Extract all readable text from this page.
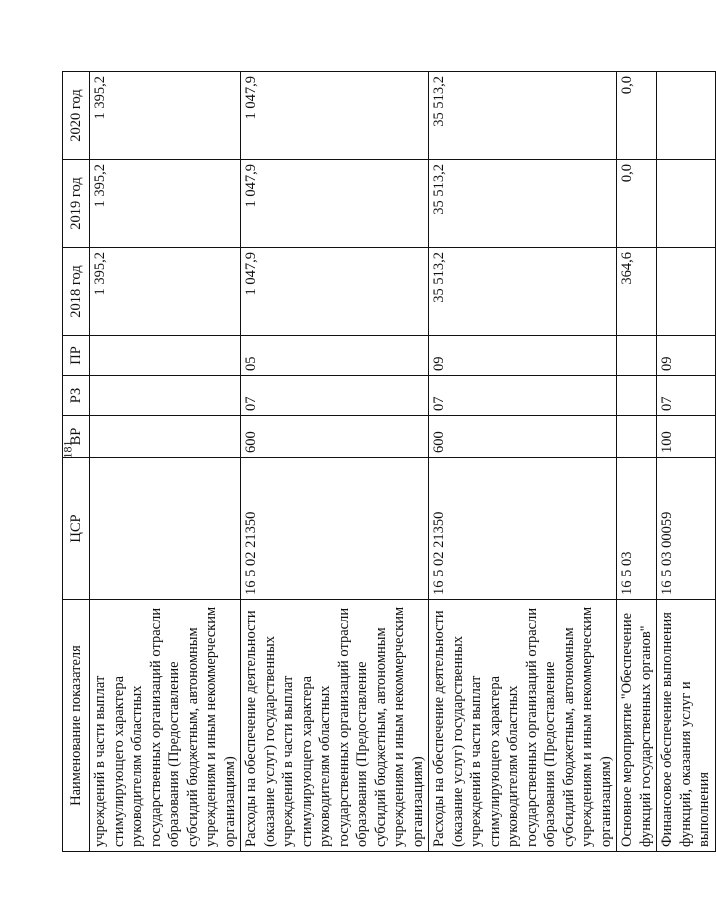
181
Наименование показателя	ЦСР	ВР	РЗ	ПР	2018 год	2019 год	2020 год
учреждений в части выплат стимулирующего характера руководителям областных государственных организаций отрасли образования (Предоставление субсидий бюджетным, автономным учреждениям и иным некоммерческим организациям)					1 395,2	1 395,2	1 395,2
Расходы на обеспечение деятельности (оказание услуг) государственных учреждений в части выплат стимулирующего характера руководителям областных государственных организаций отрасли образования (Предоставление субсидий бюджетным, автономным учреждениям и иным некоммерческим организациям)	16 5 02 21350	600	07	05	1 047,9	1 047,9	1 047,9
Расходы на обеспечение деятельности (оказание услуг) государственных учреждений в части выплат стимулирующего характера руководителям областных государственных организаций отрасли образования (Предоставление субсидий бюджетным, автономным учреждениям и иным некоммерческим организациям)	16 5 02 21350	600	07	09	35 513,2	35 513,2	35 513,2
Основное мероприятие "Обеспечение функций государственных органов"	16 5 03				364,6	0,0	0,0
Финансовое обеспечение выполнения функций, оказания услуг и выполнения	16 5 03 00059	100	07	09			
